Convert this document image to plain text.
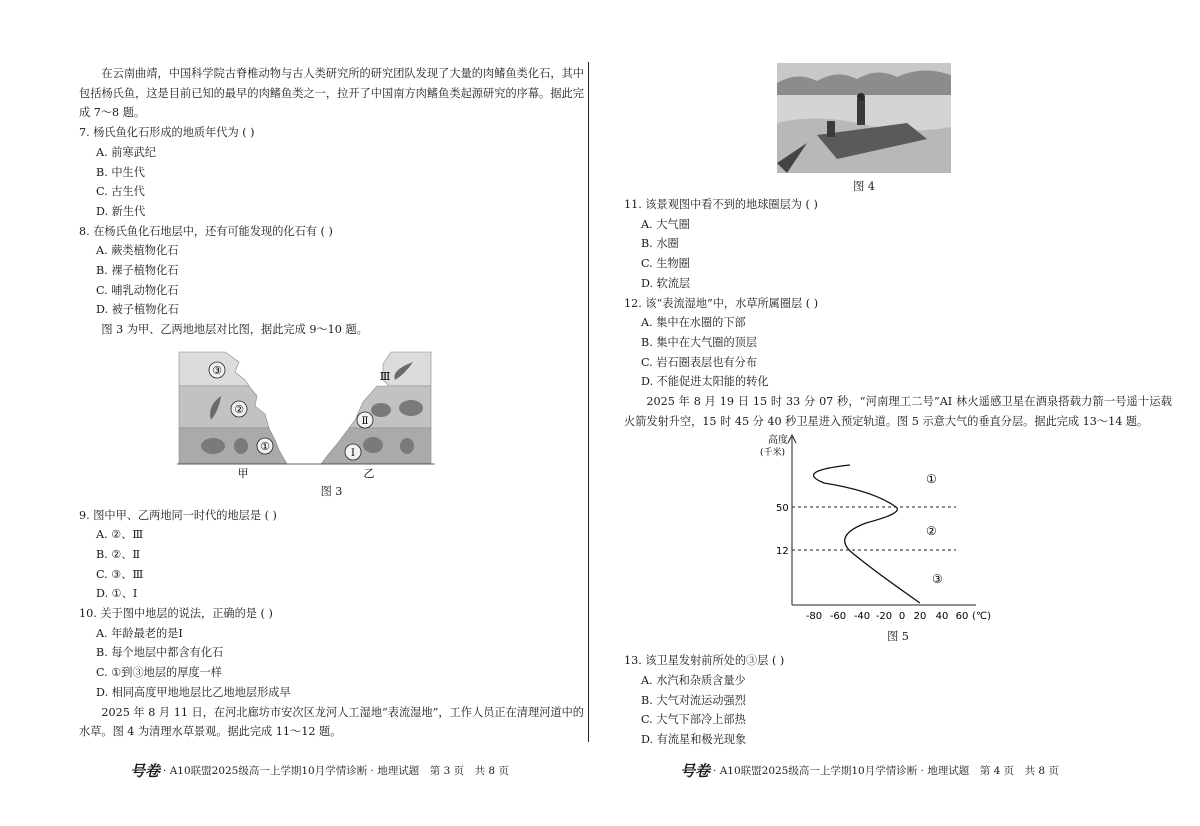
在云南曲靖，中国科学院古脊椎动物与古人类研究所的研究团队发现了大量的肉鳍鱼类化石，其中包括杨氏鱼，这是目前已知的最早的肉鳍鱼类之一，拉开了中国南方肉鳍鱼类起源研究的序幕。据此完成 7～8 题。

7. 杨氏鱼化石形成的地质年代为 ( )

A. 前寒武纪

B. 中生代

C. 古生代

D. 新生代

8. 在杨氏鱼化石地层中，还有可能发现的化石有 ( )

A. 蕨类植物化石

B. 裸子植物化石

C. 哺乳动物化石

D. 被子植物化石

图 3 为甲、乙两地地层对比图，据此完成 9～10 题。

③
②
①
Ⅲ
Ⅱ
Ⅰ
甲	乙

图 3

9. 图中甲、乙两地同一时代的地层是 ( )

A. ②、Ⅲ

B. ②、Ⅱ

C. ③、Ⅲ

D. ①、Ⅰ

10. 关于图中地层的说法，正确的是 ( )

A. 年龄最老的是Ⅰ

B. 每个地层中都含有化石

C. ①到③地层的厚度一样

D. 相同高度甲地地层比乙地地层形成早

2025 年 8 月 11 日，在河北廊坊市安次区龙河人工湿地“表流湿地”，工作人员正在清理河道中的水草。图 4 为清理水草景观。据此完成 11～12 题。

号卷 · A10联盟2025级高一上学期10月学情诊断 · 地理试题　第 3 页　共 8 页
图 4

11. 该景观图中看不到的地球圈层为 ( )

A. 大气圈

B. 水圈

C. 生物圈

D. 软流层

12. 该“表流湿地”中，水草所属圈层 ( )

A. 集中在水圈的下部

B. 集中在大气圈的顶层

C. 岩石圈表层也有分布

D. 不能促进太阳能的转化

2025 年 8 月 19 日 15 时 33 分 07 秒，“河南理工二号”AI 林火遥感卫星在酒泉搭载力箭一号遥十运载火箭发射升空，15 时 45 分 40 秒卫星进入预定轨道。图 5 示意大气的垂直分层。据此完成 13～14 题。

高度
(千米)
50
12
①
②
③
-80 -60 -40 -20 0 20 40 60 (℃)

图 5

13. 该卫星发射前所处的③层 ( )

A. 水汽和杂质含量少

B. 大气对流运动强烈

C. 大气下部冷上部热

D. 有流星和极光现象

号卷 · A10联盟2025级高一上学期10月学情诊断 · 地理试题　第 4 页　共 8 页
